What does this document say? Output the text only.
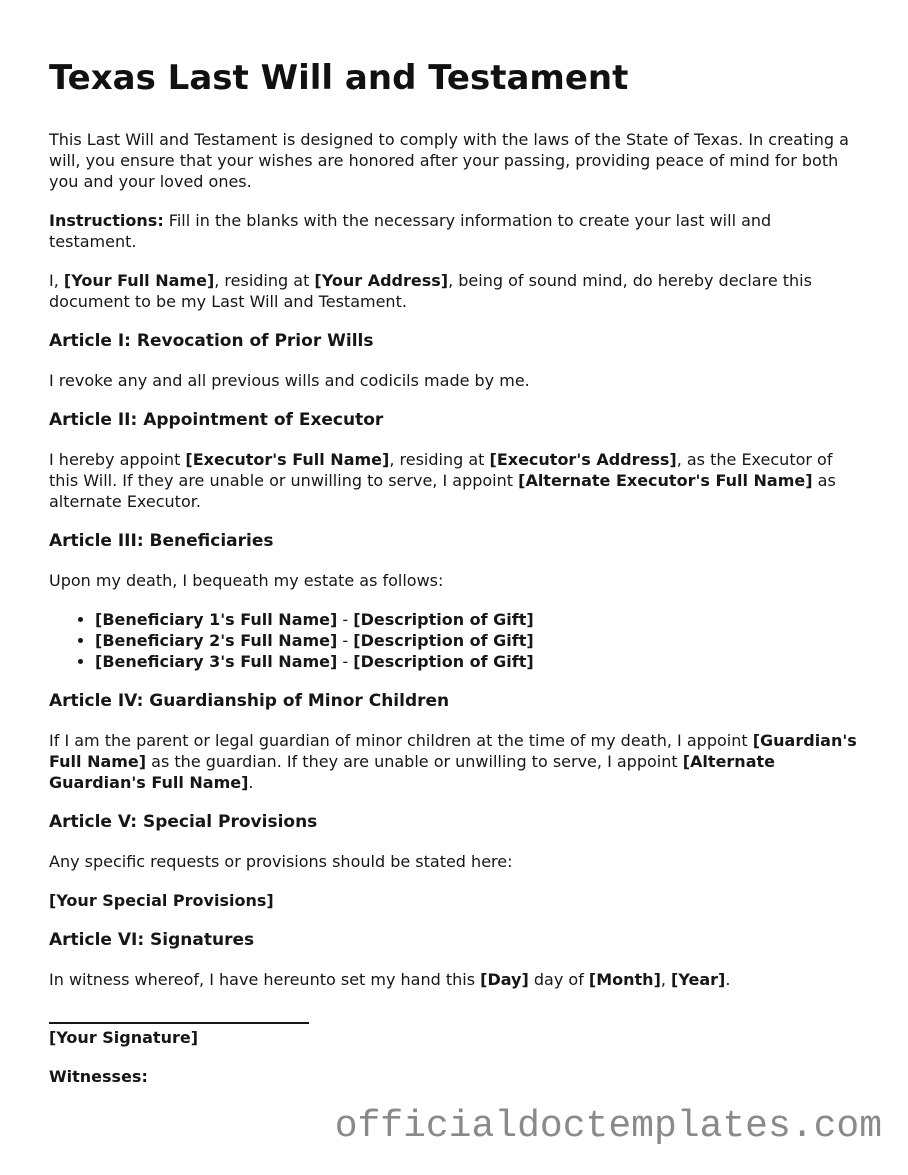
Texas Last Will and Testament

This Last Will and Testament is designed to comply with the laws of the State of Texas. In creating a will, you ensure that your wishes are honored after your passing, providing peace of mind for both you and your loved ones.

Instructions: Fill in the blanks with the necessary information to create your last will and testament.

I, [Your Full Name], residing at [Your Address], being of sound mind, do hereby declare this document to be my Last Will and Testament.

Article I: Revocation of Prior Wills

I revoke any and all previous wills and codicils made by me.

Article II: Appointment of Executor

I hereby appoint [Executor's Full Name], residing at [Executor's Address], as the Executor of this Will. If they are unable or unwilling to serve, I appoint [Alternate Executor's Full Name] as alternate Executor.

Article III: Beneficiaries

Upon my death, I bequeath my estate as follows:

• [Beneficiary 1's Full Name] - [Description of Gift]
• [Beneficiary 2's Full Name] - [Description of Gift]
• [Beneficiary 3's Full Name] - [Description of Gift]
Article IV: Guardianship of Minor Children

If I am the parent or legal guardian of minor children at the time of my death, I appoint [Guardian's Full Name] as the guardian. If they are unable or unwilling to serve, I appoint [Alternate Guardian's Full Name].

Article V: Special Provisions

Any specific requests or provisions should be stated here:

[Your Special Provisions]

Article VI: Signatures

In witness whereof, I have hereunto set my hand this [Day] day of [Month], [Year].

[Your Signature]

Witnesses:

officialdoctemplates.com
